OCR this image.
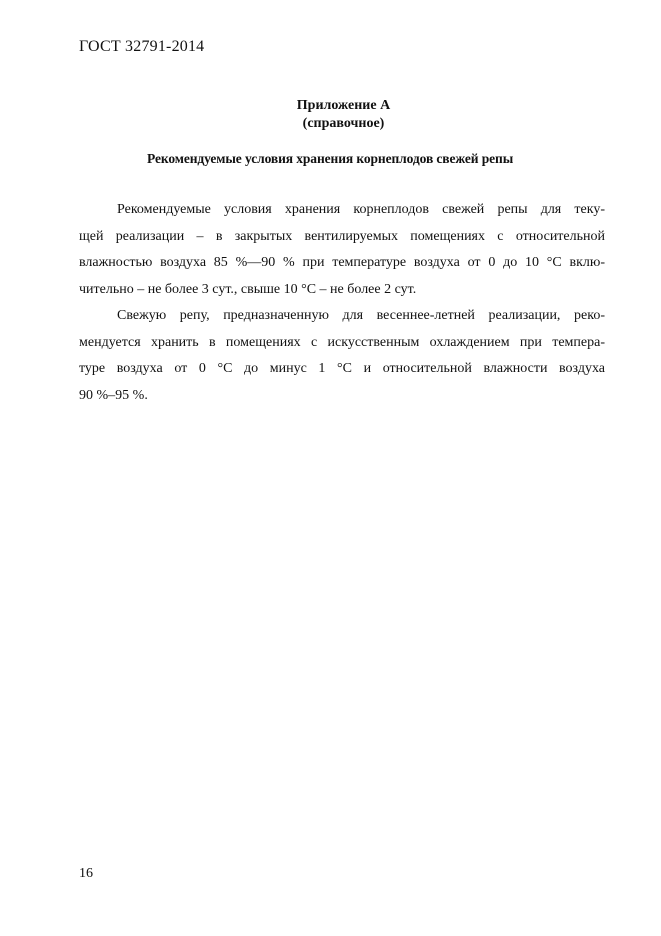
ГОСТ 32791-2014
Приложение А
(справочное)
Рекомендуемые условия хранения корнеплодов свежей репы
Рекомендуемые условия хранения корнеплодов свежей репы для теку-
щей реализации – в закрытых вентилируемых помещениях с относительной
влажностью воздуха 85 %—90 % при температуре воздуха от 0 до 10 °С вклю-
чительно – не более 3 сут., свыше 10 °С – не более 2 сут.
Свежую репу, предназначенную для весеннее-летней реализации, реко-
мендуется хранить в помещениях с искусственным охлаждением при темпера-
туре воздуха от 0 °С до минус 1 °С и относительной влажности воздуха
90 %–95 %.
16
